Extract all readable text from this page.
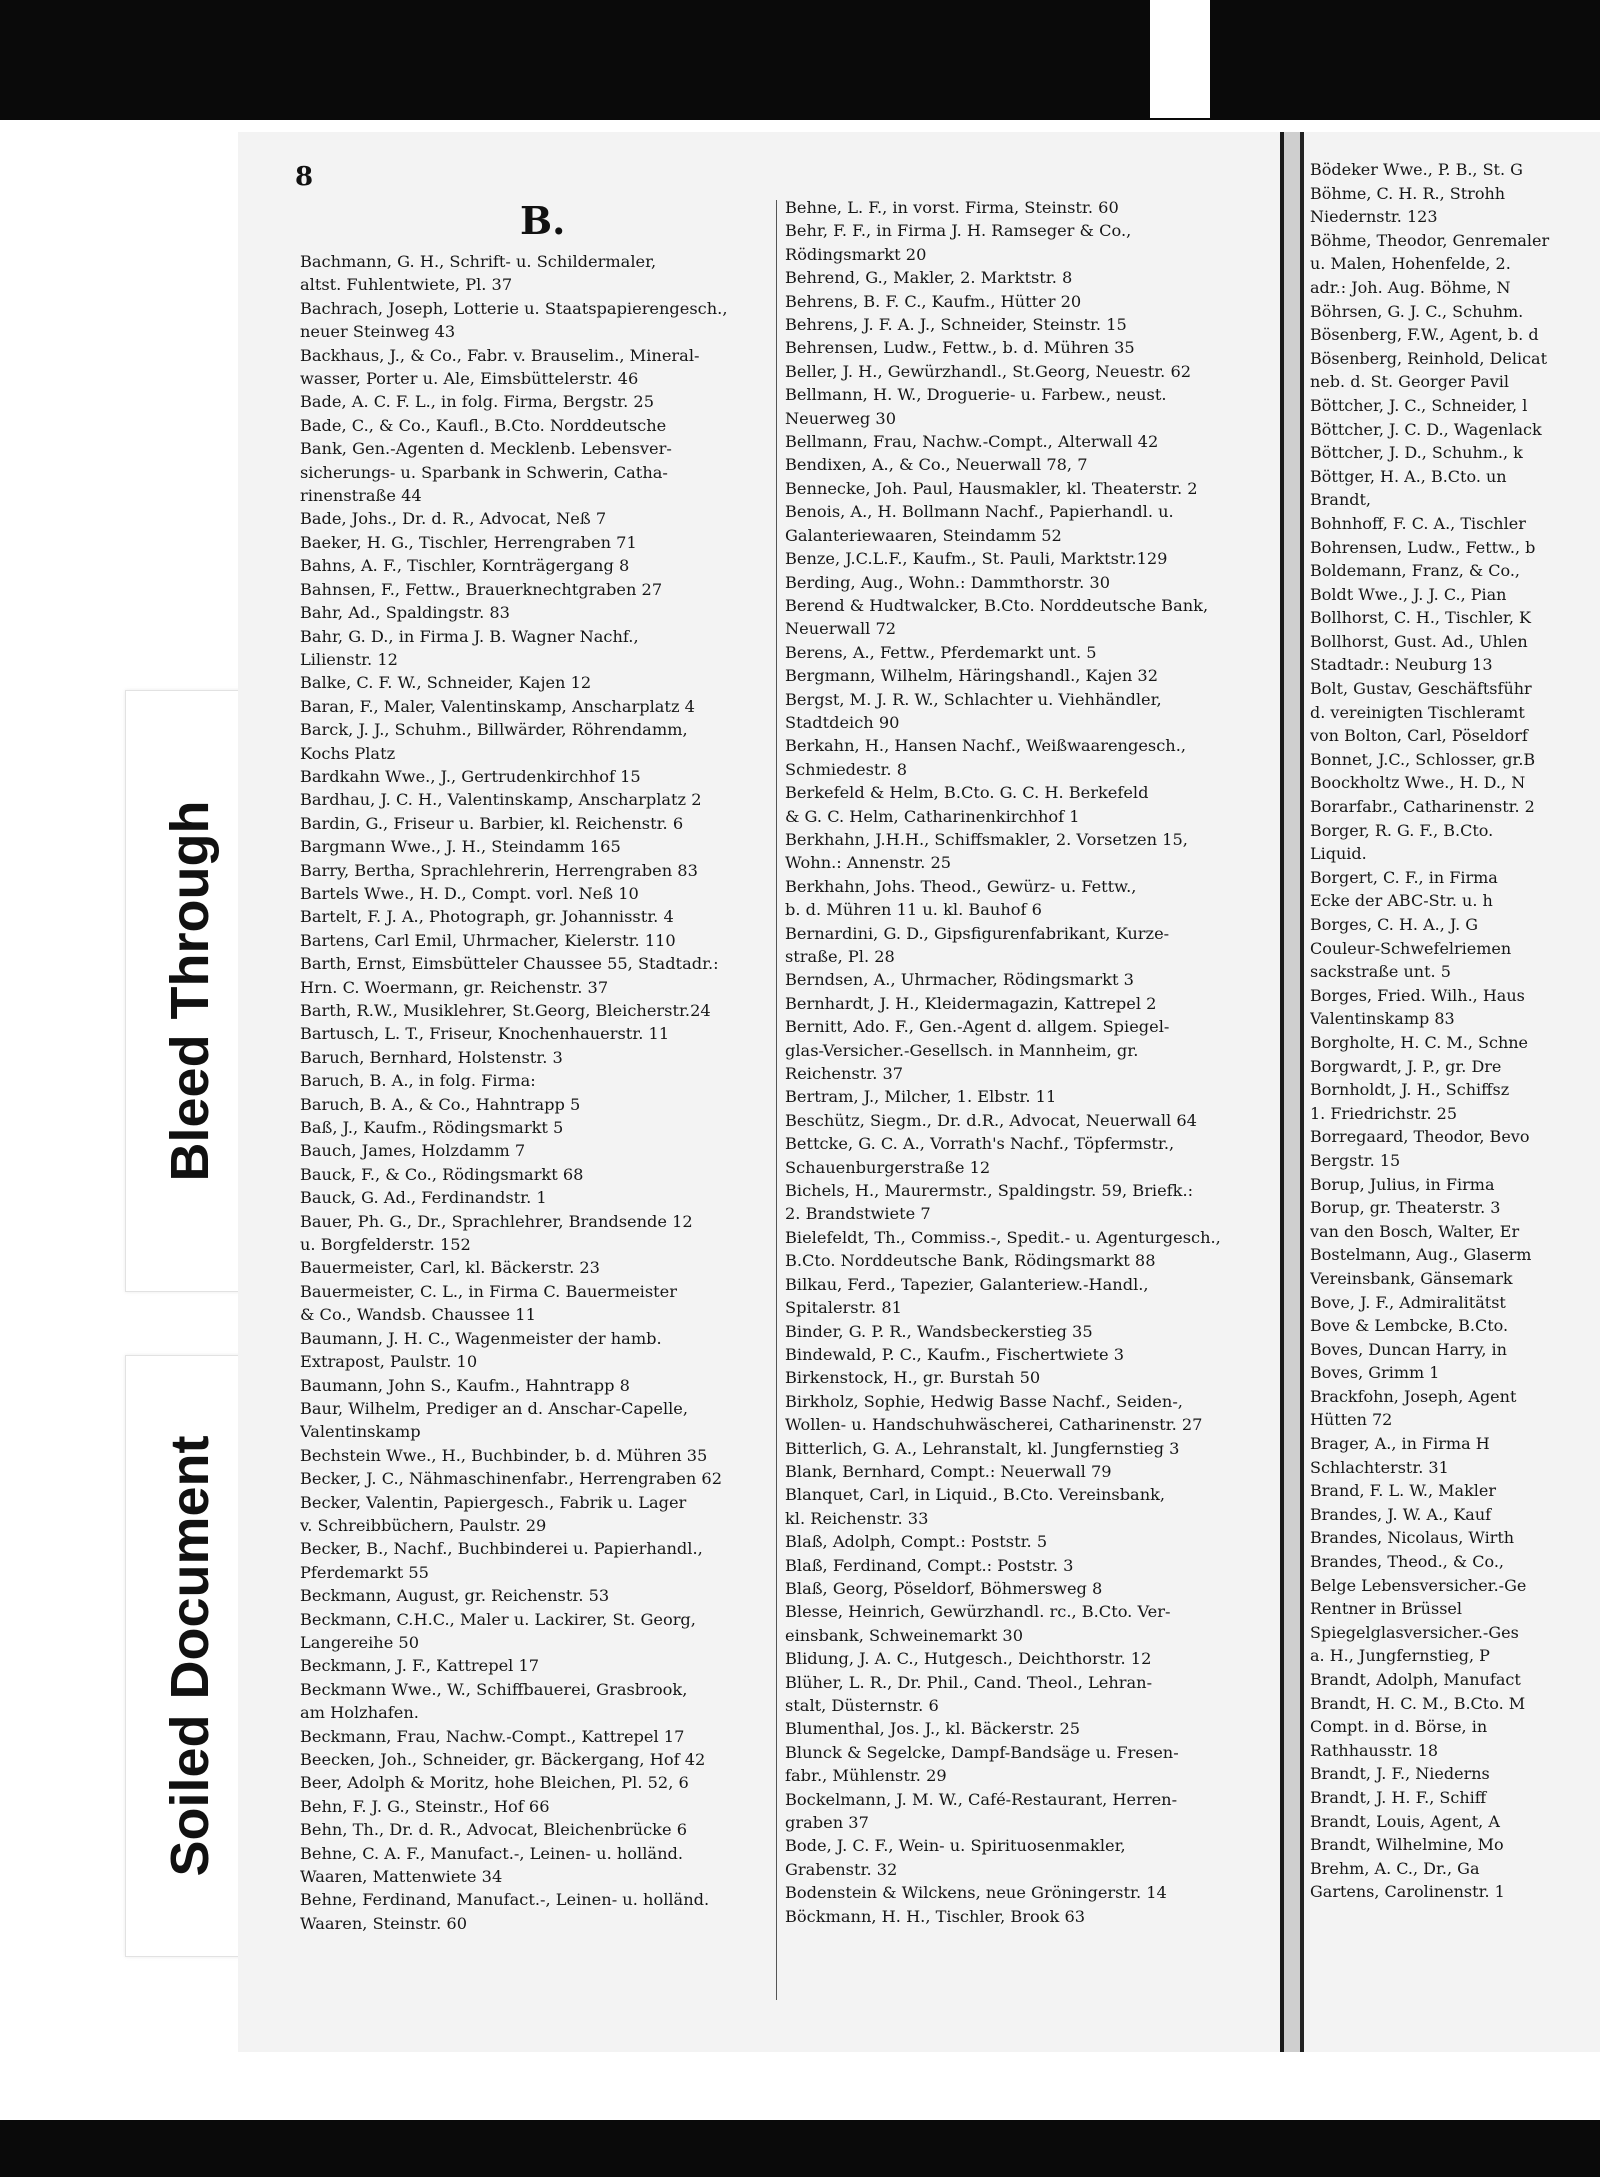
Bleed Through
Soiled Document
Bödeker Wwe., P. B., St. G
Böhme, C. H. R., Strohh
Niedernstr. 123
Böhme, Theodor, Genremaler
u. Malen, Hohenfelde, 2.
adr.: Joh. Aug. Böhme, N
Böhrsen, G. J. C., Schuhm.
Bösenberg, F.W., Agent, b. d
Bösenberg, Reinhold, Delicat
neb. d. St. Georger Pavil
Böttcher, J. C., Schneider, l
Böttcher, J. C. D., Wagenlack
Böttcher, J. D., Schuhm., k
Böttger, H. A., B.Cto. un
Brandt,
Bohnhoff, F. C. A., Tischler
Bohrensen, Ludw., Fettw., b
Boldemann, Franz, & Co.,
Boldt Wwe., J. J. C., Pian
Bollhorst, C. H., Tischler, K
Bollhorst, Gust. Ad., Uhlen
Stadtadr.: Neuburg 13
Bolt, Gustav, Geschäftsführ
d. vereinigten Tischleramt
von Bolton, Carl, Pöseldorf
Bonnet, J.C., Schlosser, gr.B
Boockholtz Wwe., H. D., N
Borarfabr., Catharinenstr. 2
Borger, R. G. F., B.Cto.
Liquid.
Borgert, C. F., in Firma
Ecke der ABC-Str. u. h
Borges, C. H. A., J. G
Couleur-Schwefelriemen
sackstraße unt. 5
Borges, Fried. Wilh., Haus
Valentinskamp 83
Borgholte, H. C. M., Schne
Borgwardt, J. P., gr. Dre
Bornholdt, J. H., Schiffsz
1. Friedrichstr. 25
Borregaard, Theodor, Bevo
Bergstr. 15
Borup, Julius, in Firma
Borup, gr. Theaterstr. 3
van den Bosch, Walter, Er
Bostelmann, Aug., Glaserm
Vereinsbank, Gänsemark
Bove, J. F., Admiralitätst
Bove & Lembcke, B.Cto.
Boves, Duncan Harry, in
Boves, Grimm 1
Brackfohn, Joseph, Agent
Hütten 72
Brager, A., in Firma H
Schlachterstr. 31
Brand, F. L. W., Makler
Brandes, J. W. A., Kauf
Brandes, Nicolaus, Wirth
Brandes, Theod., & Co.,
Belge Lebensversicher.-Ge
Rentner in Brüssel
Spiegelglasversicher.-Ges
a. H., Jungfernstieg, P
Brandt, Adolph, Manufact
Brandt, H. C. M., B.Cto. M
Compt. in d. Börse, in
Rathhausstr. 18
Brandt, J. F., Niederns
Brandt, J. H. F., Schiff
Brandt, Louis, Agent, A
Brandt, Wilhelmine, Mo
Brehm, A. C., Dr., Ga
Gartens, Carolinenstr. 1
8
B.
Bachmann, G. H., Schrift- u. Schildermaler,
altst. Fuhlentwiete, Pl. 37
Bachrach, Joseph, Lotterie u. Staatspapierengesch.,
neuer Steinweg 43
Backhaus, J., & Co., Fabr. v. Brauselim., Mineral-
wasser, Porter u. Ale, Eimsbüttelerstr. 46
Bade, A. C. F. L., in folg. Firma, Bergstr. 25
Bade, C., & Co., Kaufl., B.Cto. Norddeutsche
Bank, Gen.-Agenten d. Mecklenb. Lebensver-
sicherungs- u. Sparbank in Schwerin, Catha-
rinenstraße 44
Bade, Johs., Dr. d. R., Advocat, Neß 7
Baeker, H. G., Tischler, Herrengraben 71
Bahns, A. F., Tischler, Kornträgergang 8
Bahnsen, F., Fettw., Brauerknechtgraben 27
Bahr, Ad., Spaldingstr. 83
Bahr, G. D., in Firma J. B. Wagner Nachf.,
Lilienstr. 12
Balke, C. F. W., Schneider, Kajen 12
Baran, F., Maler, Valentinskamp, Anscharplatz 4
Barck, J. J., Schuhm., Billwärder, Röhrendamm,
Kochs Platz
Bardkahn Wwe., J., Gertrudenkirchhof 15
Bardhau, J. C. H., Valentinskamp, Anscharplatz 2
Bardin, G., Friseur u. Barbier, kl. Reichenstr. 6
Bargmann Wwe., J. H., Steindamm 165
Barry, Bertha, Sprachlehrerin, Herrengraben 83
Bartels Wwe., H. D., Compt. vorl. Neß 10
Bartelt, F. J. A., Photograph, gr. Johannisstr. 4
Bartens, Carl Emil, Uhrmacher, Kielerstr. 110
Barth, Ernst, Eimsbütteler Chaussee 55, Stadtadr.:
Hrn. C. Woermann, gr. Reichenstr. 37
Barth, R.W., Musiklehrer, St.Georg, Bleicherstr.24
Bartusch, L. T., Friseur, Knochenhauerstr. 11
Baruch, Bernhard, Holstenstr. 3
Baruch, B. A., in folg. Firma:
Baruch, B. A., & Co., Hahntrapp 5
Baß, J., Kaufm., Rödingsmarkt 5
Bauch, James, Holzdamm 7
Bauck, F., & Co., Rödingsmarkt 68
Bauck, G. Ad., Ferdinandstr. 1
Bauer, Ph. G., Dr., Sprachlehrer, Brandsende 12
u. Borgfelderstr. 152
Bauermeister, Carl, kl. Bäckerstr. 23
Bauermeister, C. L., in Firma C. Bauermeister
& Co., Wandsb. Chaussee 11
Baumann, J. H. C., Wagenmeister der hamb.
Extrapost, Paulstr. 10
Baumann, John S., Kaufm., Hahntrapp 8
Baur, Wilhelm, Prediger an d. Anschar-Capelle,
Valentinskamp
Bechstein Wwe., H., Buchbinder, b. d. Mühren 35
Becker, J. C., Nähmaschinenfabr., Herrengraben 62
Becker, Valentin, Papiergesch., Fabrik u. Lager
v. Schreibbüchern, Paulstr. 29
Becker, B., Nachf., Buchbinderei u. Papierhandl.,
Pferdemarkt 55
Beckmann, August, gr. Reichenstr. 53
Beckmann, C.H.C., Maler u. Lackirer, St. Georg,
Langereihe 50
Beckmann, J. F., Kattrepel 17
Beckmann Wwe., W., Schiffbauerei, Grasbrook,
am Holzhafen.
Beckmann, Frau, Nachw.-Compt., Kattrepel 17
Beecken, Joh., Schneider, gr. Bäckergang, Hof 42
Beer, Adolph & Moritz, hohe Bleichen, Pl. 52, 6
Behn, F. J. G., Steinstr., Hof 66
Behn, Th., Dr. d. R., Advocat, Bleichenbrücke 6
Behne, C. A. F., Manufact.-, Leinen- u. holländ.
Waaren, Mattenwiete 34
Behne, Ferdinand, Manufact.-, Leinen- u. holländ.
Waaren, Steinstr. 60
Behne, L. F., in vorst. Firma, Steinstr. 60
Behr, F. F., in Firma J. H. Ramseger & Co.,
Rödingsmarkt 20
Behrend, G., Makler, 2. Marktstr. 8
Behrens, B. F. C., Kaufm., Hütter 20
Behrens, J. F. A. J., Schneider, Steinstr. 15
Behrensen, Ludw., Fettw., b. d. Mühren 35
Beller, J. H., Gewürzhandl., St.Georg, Neuestr. 62
Bellmann, H. W., Droguerie- u. Farbew., neust.
Neuerweg 30
Bellmann, Frau, Nachw.-Compt., Alterwall 42
Bendixen, A., & Co., Neuerwall 78, 7
Bennecke, Joh. Paul, Hausmakler, kl. Theaterstr. 2
Benois, A., H. Bollmann Nachf., Papierhandl. u.
Galanteriewaaren, Steindamm 52
Benze, J.C.L.F., Kaufm., St. Pauli, Marktstr.129
Berding, Aug., Wohn.: Dammthorstr. 30
Berend & Hudtwalcker, B.Cto. Norddeutsche Bank,
Neuerwall 72
Berens, A., Fettw., Pferdemarkt unt. 5
Bergmann, Wilhelm, Häringshandl., Kajen 32
Bergst, M. J. R. W., Schlachter u. Viehhändler,
Stadtdeich 90
Berkahn, H., Hansen Nachf., Weißwaarengesch.,
Schmiedestr. 8
Berkefeld & Helm, B.Cto. G. C. H. Berkefeld
& G. C. Helm, Catharinenkirchhof 1
Berkhahn, J.H.H., Schiffsmakler, 2. Vorsetzen 15,
Wohn.: Annenstr. 25
Berkhahn, Johs. Theod., Gewürz- u. Fettw.,
b. d. Mühren 11 u. kl. Bauhof 6
Bernardini, G. D., Gipsfigurenfabrikant, Kurze-
straße, Pl. 28
Berndsen, A., Uhrmacher, Rödingsmarkt 3
Bernhardt, J. H., Kleidermagazin, Kattrepel 2
Bernitt, Ado. F., Gen.-Agent d. allgem. Spiegel-
glas-Versicher.-Gesellsch. in Mannheim, gr.
Reichenstr. 37
Bertram, J., Milcher, 1. Elbstr. 11
Beschütz, Siegm., Dr. d.R., Advocat, Neuerwall 64
Bettcke, G. C. A., Vorrath's Nachf., Töpfermstr.,
Schauenburgerstraße 12
Bichels, H., Maurermstr., Spaldingstr. 59, Briefk.:
2. Brandstwiete 7
Bielefeldt, Th., Commiss.-, Spedit.- u. Agenturgesch.,
B.Cto. Norddeutsche Bank, Rödingsmarkt 88
Bilkau, Ferd., Tapezier, Galanteriew.-Handl.,
Spitalerstr. 81
Binder, G. P. R., Wandsbeckerstieg 35
Bindewald, P. C., Kaufm., Fischertwiete 3
Birkenstock, H., gr. Burstah 50
Birkholz, Sophie, Hedwig Basse Nachf., Seiden-,
Wollen- u. Handschuhwäscherei, Catharinenstr. 27
Bitterlich, G. A., Lehranstalt, kl. Jungfernstieg 3
Blank, Bernhard, Compt.: Neuerwall 79
Blanquet, Carl, in Liquid., B.Cto. Vereinsbank,
kl. Reichenstr. 33
Blaß, Adolph, Compt.: Poststr. 5
Blaß, Ferdinand, Compt.: Poststr. 3
Blaß, Georg, Pöseldorf, Böhmersweg 8
Blesse, Heinrich, Gewürzhandl. rc., B.Cto. Ver-
einsbank, Schweinemarkt 30
Blidung, J. A. C., Hutgesch., Deichthorstr. 12
Blüher, L. R., Dr. Phil., Cand. Theol., Lehran-
stalt, Düsternstr. 6
Blumenthal, Jos. J., kl. Bäckerstr. 25
Blunck & Segelcke, Dampf-Bandsäge u. Fresen-
fabr., Mühlenstr. 29
Bockelmann, J. M. W., Café-Restaurant, Herren-
graben 37
Bode, J. C. F., Wein- u. Spirituosenmakler,
Grabenstr. 32
Bodenstein & Wilckens, neue Gröningerstr. 14
Böckmann, H. H., Tischler, Brook 63
